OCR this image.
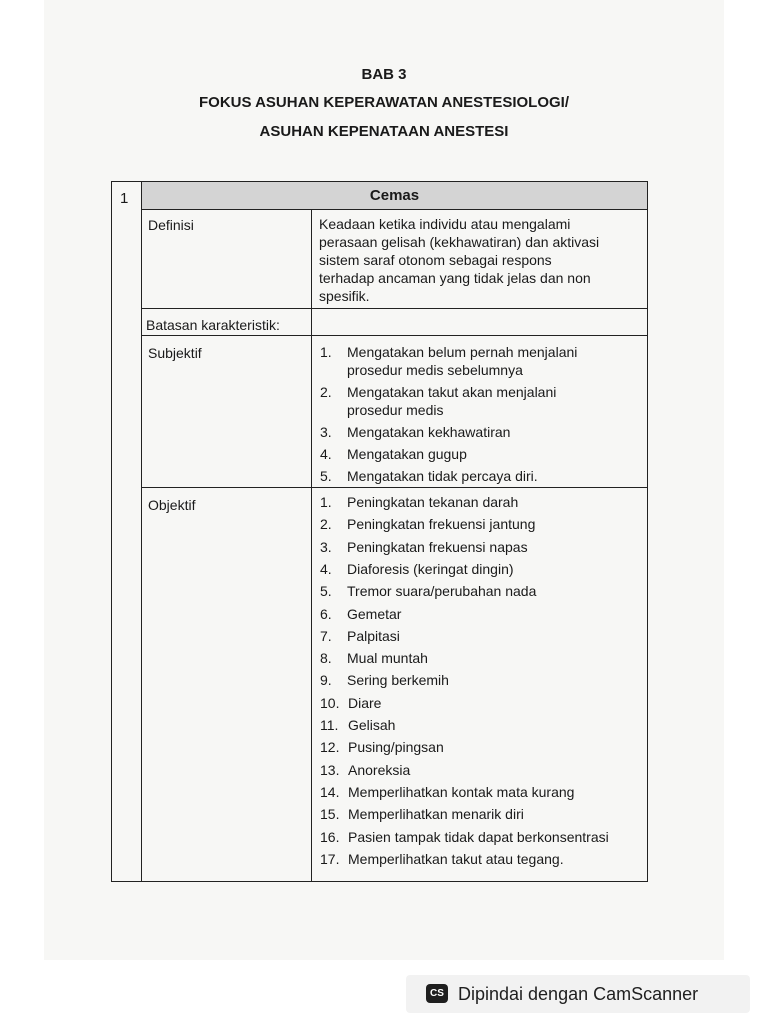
BAB 3
FOKUS ASUHAN KEPERAWATAN ANESTESIOLOGI/
ASUHAN KEPENATAAN ANESTESI
1	Cemas
Definisi	Keadaan ketika individu atau mengalami
perasaan gelisah (kekhawatiran) dan aktivasi
sistem saraf otonom sebagai respons
terhadap ancaman yang tidak jelas dan non
spesifik.
Batasan karakteristik:
Subjektif	1. Mengatakan belum pernah menjalani
prosedur medis sebelumnya
2. Mengatakan takut akan menjalani
prosedur medis
3. Mengatakan kekhawatiran
4. Mengatakan gugup
5. Mengatakan tidak percaya diri.
Objektif	1. Peningkatan tekanan darah
2. Peningkatan frekuensi jantung
3. Peningkatan frekuensi napas
4. Diaforesis (keringat dingin)
5. Tremor suara/perubahan nada
6. Gemetar
7. Palpitasi
8. Mual muntah
9. Sering berkemih
10. Diare
11. Gelisah
12. Pusing/pingsan
13. Anoreksia
14. Memperlihatkan kontak mata kurang
15. Memperlihatkan menarik diri
16. Pasien tampak tidak dapat berkonsentrasi
17. Memperlihatkan takut atau tegang.
CS Dipindai dengan CamScanner
